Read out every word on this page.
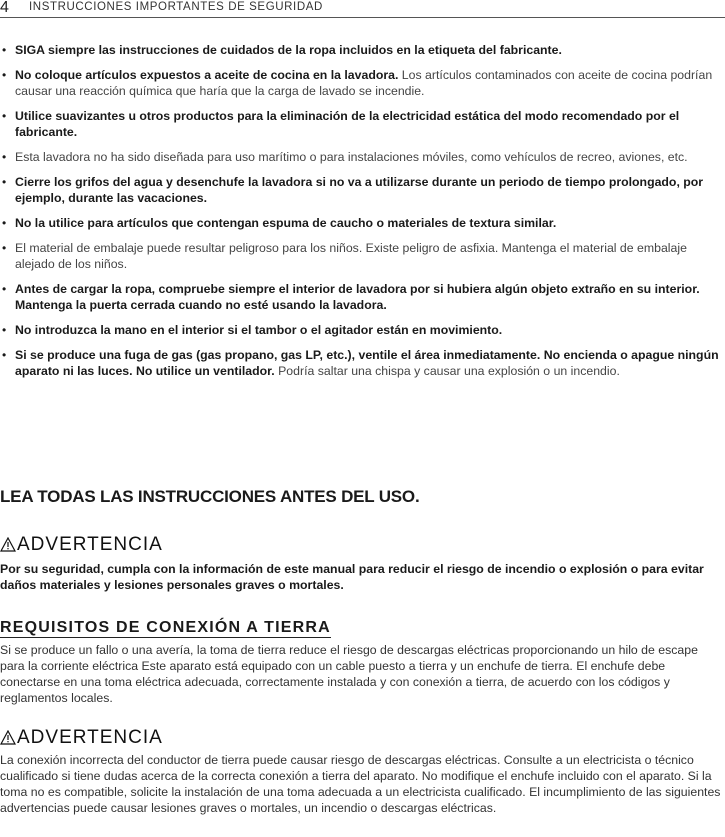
4 INSTRUCCIONES IMPORTANTES DE SEGURIDAD
• SIGA siempre las instrucciones de cuidados de la ropa incluidos en la etiqueta del fabricante.
• No coloque artículos expuestos a aceite de cocina en la lavadora. Los artículos contaminados con aceite de cocina podrían causar una reacción química que haría que la carga de lavado se incendie.
• Utilice suavizantes u otros productos para la eliminación de la electricidad estática del modo recomendado por el fabricante.
• Esta lavadora no ha sido diseñada para uso marítimo o para instalaciones móviles, como vehículos de recreo, aviones, etc.
• Cierre los grifos del agua y desenchufe la lavadora si no va a utilizarse durante un periodo de tiempo prolongado, por ejemplo, durante las vacaciones.
• No la utilice para artículos que contengan espuma de caucho o materiales de textura similar.
• El material de embalaje puede resultar peligroso para los niños. Existe peligro de asfixia. Mantenga el material de embalaje alejado de los niños.
• Antes de cargar la ropa, compruebe siempre el interior de lavadora por si hubiera algún objeto extraño en su interior. Mantenga la puerta cerrada cuando no esté usando la lavadora.
• No introduzca la mano en el interior si el tambor o el agitador están en movimiento.
• Si se produce una fuga de gas (gas propano, gas LP, etc.), ventile el área inmediatamente. No encienda o apague ningún aparato ni las luces. No utilice un ventilador. Podría saltar una chispa y causar una explosión o un incendio.
LEA TODAS LAS INSTRUCCIONES ANTES DEL USO.
ADVERTENCIA
Por su seguridad, cumpla con la información de este manual para reducir el riesgo de incendio o explosión o para evitar daños materiales y lesiones personales graves o mortales.
REQUISITOS DE CONEXIÓN A TIERRA
Si se produce un fallo o una avería, la toma de tierra reduce el riesgo de descargas eléctricas proporcionando un hilo de escape para la corriente eléctrica Este aparato está equipado con un cable puesto a tierra y un enchufe de tierra. El enchufe debe conectarse en una toma eléctrica adecuada, correctamente instalada y con conexión a tierra, de acuerdo con los códigos y reglamentos locales.
ADVERTENCIA
La conexión incorrecta del conductor de tierra puede causar riesgo de descargas eléctricas. Consulte a un electricista o técnico cualificado si tiene dudas acerca de la correcta conexión a tierra del aparato. No modifique el enchufe incluido con el aparato. Si la toma no es compatible, solicite la instalación de una toma adecuada a un electricista cualificado. El incumplimiento de las siguientes advertencias puede causar lesiones graves o mortales, un incendio o descargas eléctricas.
